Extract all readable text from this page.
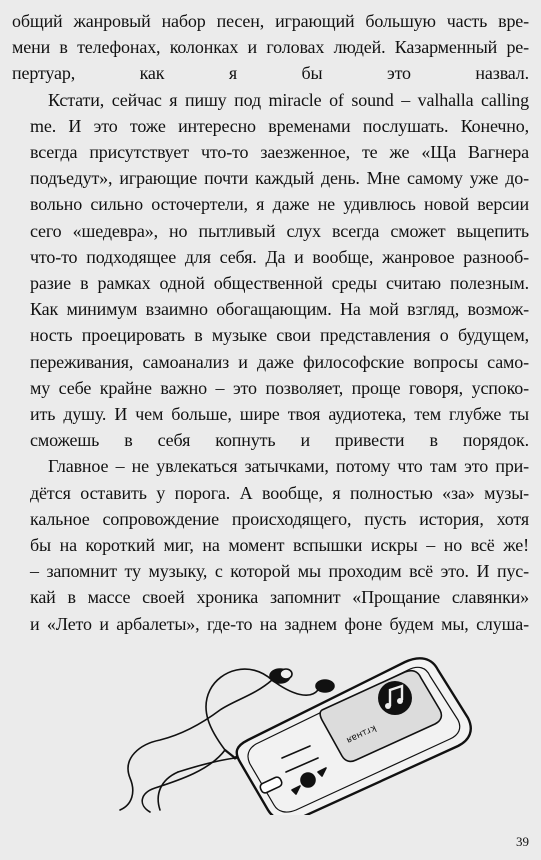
общий жанровый набор песен, играющий большую часть вре-
мени в телефонах, колонках и головах людей. Казарменный ре-
пертуар, как я бы это назвал.

Кстати, сейчас я пишу под miracle of sound – valhalla calling
me. И это тоже интересно временами послушать. Конечно,
всегда присутствует что-то заезженное, те же «Ща Вагнера
подъедут», играющие почти каждый день. Мне самому уже до-
вольно сильно осточертели, я даже не удивлюсь новой версии
сего «шедевра», но пытливый слух всегда сможет выцепить
что-то подходящее для себя. Да и вообще, жанровое разнооб-
разие в рамках одной общественной среды считаю полезным.
Как минимум взаимно обогащающим. На мой взгляд, возмож-
ность проецировать в музыке свои представления о будущем,
переживания, самоанализ и даже философские вопросы само-
му себе крайне важно – это позволяет, проще говоря, успоко-
ить душу. И чем больше, шире твоя аудиотека, тем глубже ты
сможешь в себя копнуть и привести в порядок.

Главное – не увлекаться затычками, потому что там это при-
дётся оставить у порога. А вообще, я полностью «за» музы-
кальное сопровождение происходящего, пусть история, хотя
бы на короткий миг, на момент вспышки искры – но всё же!
– запомнит ту музыку, с которой мы проходим всё это. И пус-
кай в массе своей хроника запомнит «Прощание славянки»
и «Лето и арбалеты», где-то на заднем фоне будем мы, слуша-

ʁɐнтɹʞ
39
